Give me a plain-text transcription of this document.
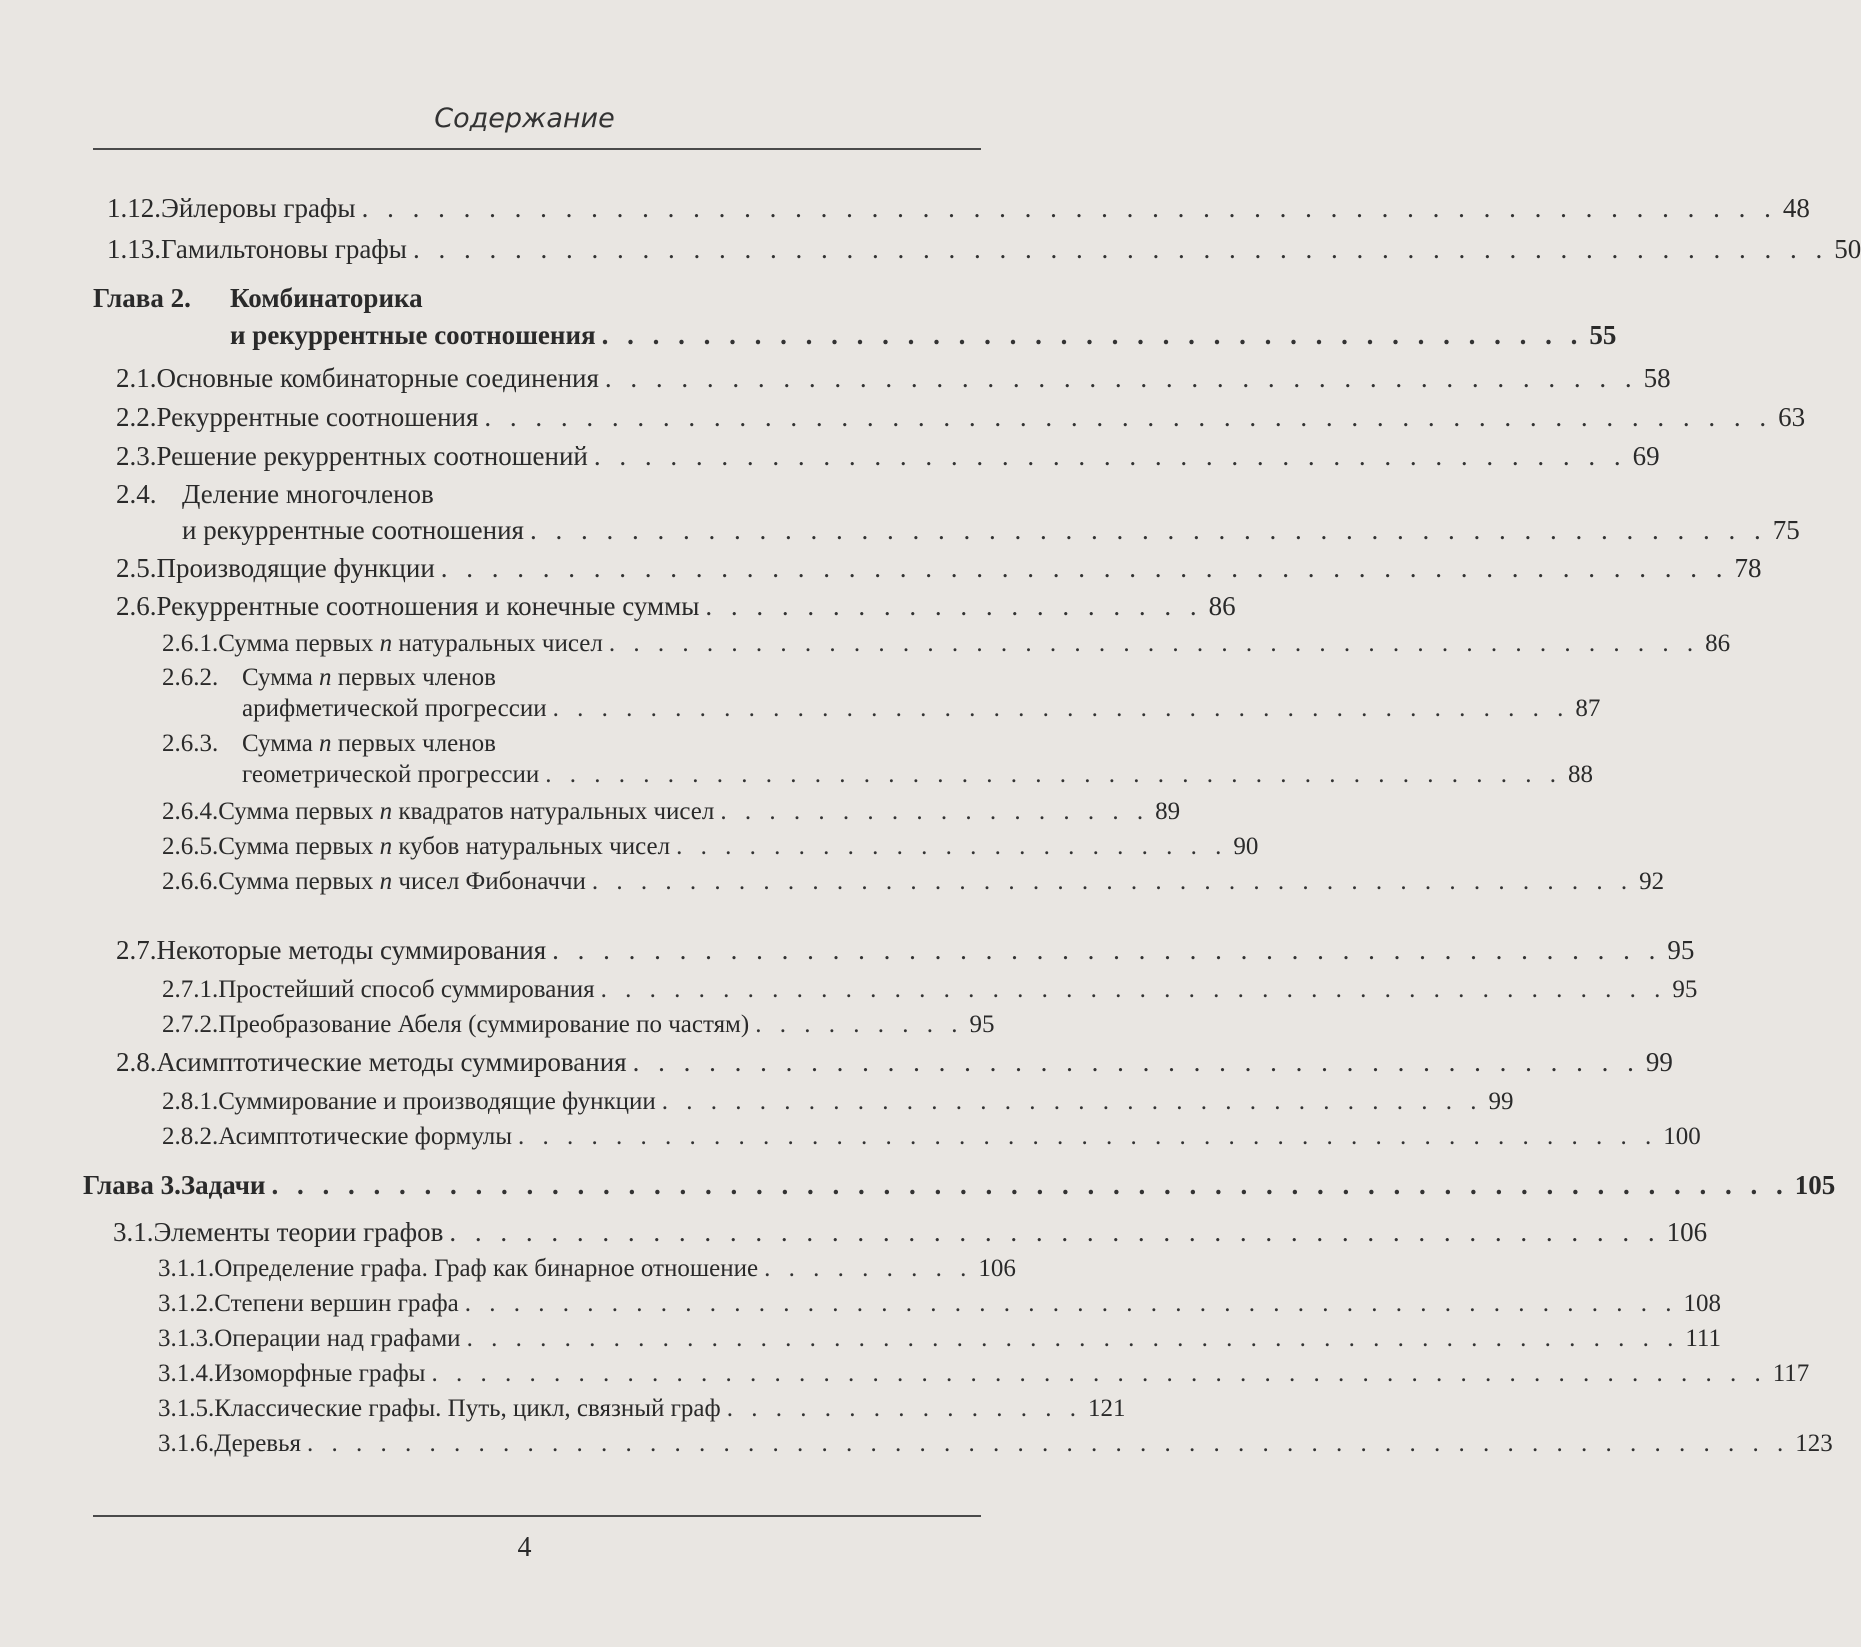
Содержание
1.12. Эйлеровы графы . . . . . . . . . . . . . . . . . . . . . . . . . . . . . . . . . . . . . . . . . . . . . . . . . . . . . . . . 48
1.13. Гамильтоновы графы . . . . . . . . . . . . . . . . . . . . . . . . . . . . . . . . . . . . . . . . . . . . . . . . . . . . . . . . 50
Глава 2. Комбинаторика
и рекуррентные соотношения . . . . . . . . . . . . . . . . . . . . . . . . . . . . . . . . . . . . . . . 55
2.1. Основные комбинаторные соединения . . . . . . . . . . . . . . . . . . . . . . . . . . . . . . . . . . . . . . . . . 58
2.2. Рекуррентные соотношения . . . . . . . . . . . . . . . . . . . . . . . . . . . . . . . . . . . . . . . . . . . . . . . . . . . 63
2.3. Решение рекуррентных соотношений . . . . . . . . . . . . . . . . . . . . . . . . . . . . . . . . . . . . . . . . . 69
2.4. Деление многочленов
и рекуррентные соотношения . . . . . . . . . . . . . . . . . . . . . . . . . . . . . . . . . . . . . . . . . . . . . . . . . 75
2.5. Производящие функции . . . . . . . . . . . . . . . . . . . . . . . . . . . . . . . . . . . . . . . . . . . . . . . . . . . 78
2.6. Рекуррентные соотношения и конечные суммы . . . . . . . . . . . . . . . . . . . . 86
2.6.1. Сумма первых n натуральных чисел . . . . . . . . . . . . . . . . . . . . . . . . . . . . . . . . . . . . . . . . . . . . . 86
2.6.2. Сумма n первых членов
арифметической прогрессии . . . . . . . . . . . . . . . . . . . . . . . . . . . . . . . . . . . . . . . . . . 87
2.6.3. Сумма n первых членов
геометрической прогрессии . . . . . . . . . . . . . . . . . . . . . . . . . . . . . . . . . . . . . . . . . . 88
2.6.4. Сумма первых n квадратов натуральных чисел . . . . . . . . . . . . . . . . . . 89
2.6.5. Сумма первых n кубов натуральных чисел . . . . . . . . . . . . . . . . . . . . . . . 90
2.6.6. Сумма первых n чисел Фибоначчи . . . . . . . . . . . . . . . . . . . . . . . . . . . . . . . . . . . . . . . . . . . 92
2.7. Некоторые методы суммирования . . . . . . . . . . . . . . . . . . . . . . . . . . . . . . . . . . . . . . . . . . . . 95
2.7.1. Простейший способ суммирования . . . . . . . . . . . . . . . . . . . . . . . . . . . . . . . . . . . . . . . . . . . . 95
2.7.2. Преобразование Абеля (суммирование по частям) . . . . . . . . . 95
2.8. Асимптотические методы суммирования . . . . . . . . . . . . . . . . . . . . . . . . . . . . . . . . . . . . . . . . 99
2.8.1. Суммирование и производящие функции . . . . . . . . . . . . . . . . . . . . . . . . . . . . . . . . . . 99
2.8.2. Асимптотические формулы . . . . . . . . . . . . . . . . . . . . . . . . . . . . . . . . . . . . . . . . . . . . . . . 100
Глава 3. Задачи . . . . . . . . . . . . . . . . . . . . . . . . . . . . . . . . . . . . . . . . . . . . . . . . . . . . . . . . . . . . 105
3.1. Элементы теории графов . . . . . . . . . . . . . . . . . . . . . . . . . . . . . . . . . . . . . . . . . . . . . . . . 106
3.1.1. Определение графа. Граф как бинарное отношение . . . . . . . . . 106
3.1.2. Степени вершин графа . . . . . . . . . . . . . . . . . . . . . . . . . . . . . . . . . . . . . . . . . . . . . . . . . . 108
3.1.3. Операции над графами . . . . . . . . . . . . . . . . . . . . . . . . . . . . . . . . . . . . . . . . . . . . . . . . . . 111
3.1.4. Изоморфные графы . . . . . . . . . . . . . . . . . . . . . . . . . . . . . . . . . . . . . . . . . . . . . . . . . . . . . . . 117
3.1.5. Классические графы. Путь, цикл, связный граф . . . . . . . . . . . . . . . 121
3.1.6. Деревья . . . . . . . . . . . . . . . . . . . . . . . . . . . . . . . . . . . . . . . . . . . . . . . . . . . . . . . . . . . . . 123
4
